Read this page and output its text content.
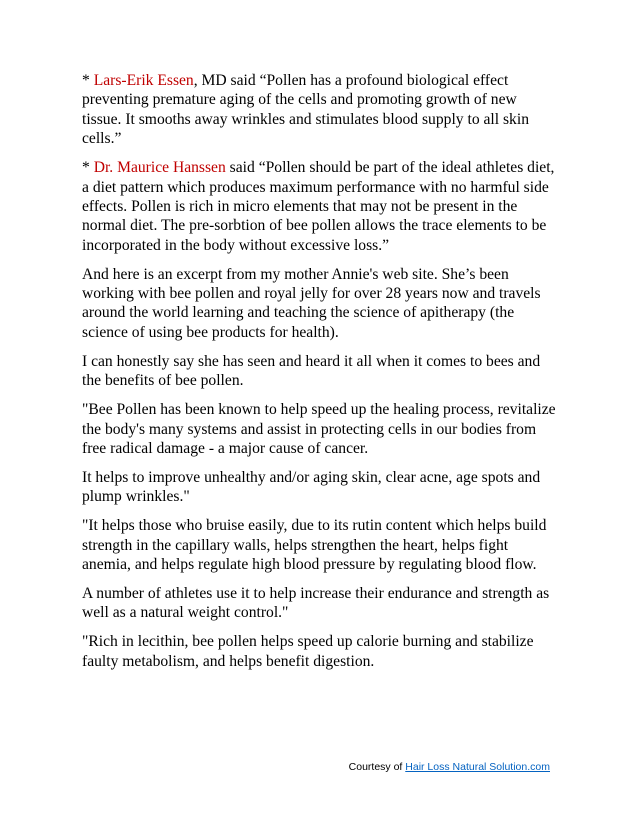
* Lars-Erik Essen, MD said “Pollen has a profound biological effect preventing premature aging of the cells and promoting growth of new tissue. It smooths away wrinkles and stimulates blood supply to all skin cells.”

* Dr. Maurice Hanssen said “Pollen should be part of the ideal athletes diet, a diet pattern which produces maximum performance with no harmful side effects. Pollen is rich in micro elements that may not be present in the normal diet. The pre-sorbtion of bee pollen allows the trace elements to be incorporated in the body without excessive loss.”

And here is an excerpt from my mother Annie's web site. She’s been working with bee pollen and royal jelly for over 28 years now and travels around the world learning and teaching the science of apitherapy (the science of using bee products for health).

I can honestly say she has seen and heard it all when it comes to bees and the benefits of bee pollen.

"Bee Pollen has been known to help speed up the healing process, revitalize the body's many systems and assist in protecting cells in our bodies from free radical damage - a major cause of cancer.

It helps to improve unhealthy and/or aging skin, clear acne, age spots and plump wrinkles."

"It helps those who bruise easily, due to its rutin content which helps build strength in the capillary walls, helps strengthen the heart, helps fight anemia, and helps regulate high blood pressure by regulating blood flow.

A number of athletes use it to help increase their endurance and strength as well as a natural weight control."

"Rich in lecithin, bee pollen helps speed up calorie burning and stabilize faulty metabolism, and helps benefit digestion.

Courtesy of Hair Loss Natural Solution.com
